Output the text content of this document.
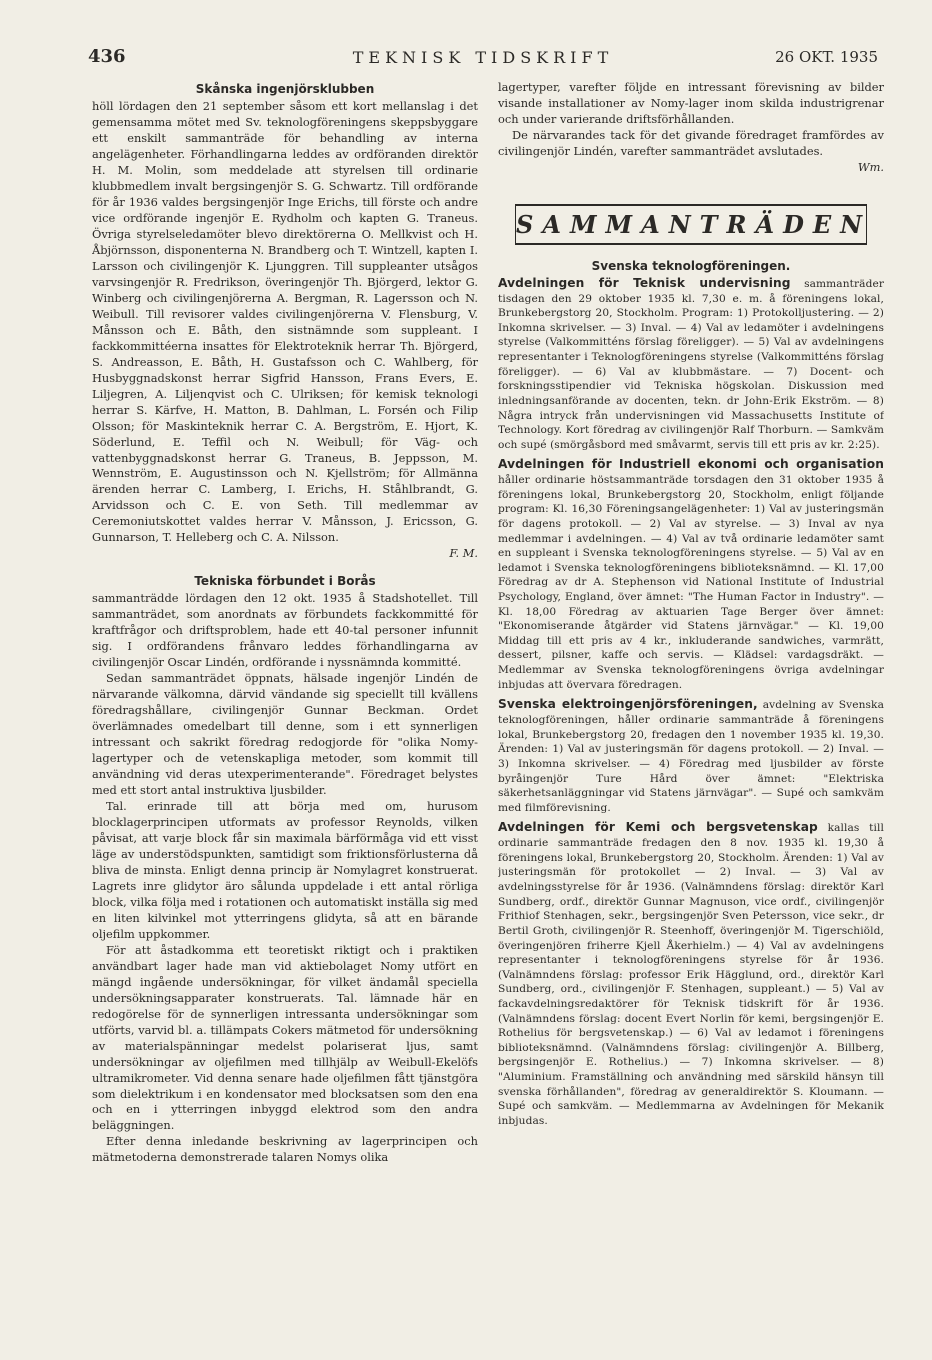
436	TEKNISK TIDSKRIFT	26 OKT. 1935
Skånska ingenjörsklubben

höll lördagen den 21 september såsom ett kort mellanslag i det gemensamma mötet med Sv. teknologföreningens skeppsbyggare ett enskilt sammanträde för behandling av interna angelägenheter. Förhandlingarna leddes av ordföranden direktör H. M. Molin, som meddelade att styrelsen till ordinarie klubbmedlem invalt bergsingenjör S. G. Schwartz. Till ordförande för år 1936 valdes bergsingenjör Inge Erichs, till förste och andre vice ordförande ingenjör E. Rydholm och kapten G. Traneus. Övriga styrelseledamöter blevo direktörerna O. Mellkvist och H. Åbjörnsson, disponenterna N. Brandberg och T. Wintzell, kapten I. Larsson och civilingenjör K. Ljunggren. Till suppleanter utsågos varvsingenjör R. Fredrikson, överingenjör Th. Björgerd, lektor G. Winberg och civilingenjörerna A. Bergman, R. Lagersson och N. Weibull. Till revisorer valdes civilingenjörerna V. Flensburg, V. Månsson och E. Båth, den sistnämnde som suppleant. I fackkommittéerna insattes för Elektroteknik herrar Th. Björgerd, S. Andreasson, E. Båth, H. Gustafsson och C. Wahlberg, för Husbyggnadskonst herrar Sigfrid Hansson, Frans Evers, E. Liljegren, A. Liljenqvist och C. Ulriksen; för kemisk teknologi herrar S. Kärfve, H. Matton, B. Dahlman, L. Forsén och Filip Olsson; för Maskinteknik herrar C. A. Bergström, E. Hjort, K. Söderlund, E. Teffil och N. Weibull; för Väg- och vattenbyggnadskonst herrar G. Traneus, B. Jeppsson, M. Wennström, E. Augustinsson och N. Kjellström; för Allmänna ärenden herrar C. Lamberg, I. Erichs, H. Ståhlbrandt, G. Arvidsson och C. E. von Seth. Till medlemmar av Ceremoniutskottet valdes herrar V. Månsson, J. Ericsson, G. Gunnarson, T. Helleberg och C. A. Nilsson.

F. M.

Tekniska förbundet i Borås

sammanträdde lördagen den 12 okt. 1935 å Stadshotellet. Till sammanträdet, som anordnats av förbundets fackkommitté för kraftfrågor och driftsproblem, hade ett 40-tal personer infunnit sig. I ordförandens frånvaro leddes förhandlingarna av civilingenjör Oscar Lindén, ordförande i nyssnämnda kommitté.

Sedan sammanträdet öppnats, hälsade ingenjör Lindén de närvarande välkomna, därvid vändande sig speciellt till kvällens föredragshållare, civilingenjör Gunnar Beckman. Ordet överlämnades omedelbart till denne, som i ett synnerligen intressant och sakrikt föredrag redogjorde för "olika Nomy-lagertyper och de vetenskapliga metoder, som kommit till användning vid deras utexperimenterande". Föredraget belystes med ett stort antal instruktiva ljusbilder.

Tal. erinrade till att börja med om, hurusom blocklagerprincipen utformats av professor Reynolds, vilken påvisat, att varje block får sin maximala bärförmåga vid ett visst läge av understödspunkten, samtidigt som friktionsförlusterna då bliva de minsta. Enligt denna princip är Nomylagret konstruerat. Lagrets inre glidytor äro sålunda uppdelade i ett antal rörliga block, vilka följa med i rotationen och automatiskt inställa sig med en liten kilvinkel mot ytterringens glidyta, så att en bärande oljefilm uppkommer.

För att åstadkomma ett teoretiskt riktigt och i praktiken användbart lager hade man vid aktiebolaget Nomy utfört en mängd ingående undersökningar, för vilket ändamål speciella undersökningsapparater konstruerats. Tal. lämnade här en redogörelse för de synnerligen intressanta undersökningar som utförts, varvid bl. a. tillämpats Cokers mätmetod för undersökning av materialspänningar medelst polariserat ljus, samt undersökningar av oljefilmen med tillhjälp av Weibull-Ekelöfs ultramikrometer. Vid denna senare hade oljefilmen fått tjänstgöra som dielektrikum i en kondensator med blocksatsen som den ena och en i ytterringen inbyggd elektrod som den andra beläggningen.

Efter denna inledande beskrivning av lagerprincipen och mätmetoderna demonstrerade talaren Nomys olika

lagertyper, varefter följde en intressant förevisning av bilder visande installationer av Nomy-lager inom skilda industrigrenar och under varierande driftsförhållanden.

De närvarandes tack för det givande föredraget framfördes av civilingenjör Lindén, varefter sammanträdet avslutades.

Wm.

SAMMANTRÄDEN
Svenska teknologföreningen.

Avdelningen för Teknisk undervisning sammanträder tisdagen den 29 oktober 1935 kl. 7,30 e. m. å föreningens lokal, Brunkebergstorg 20, Stockholm. Program: 1) Protokolljustering. — 2) Inkomna skrivelser. — 3) Inval. — 4) Val av ledamöter i avdelningens styrelse (Valkommitténs förslag föreligger). — 5) Val av avdelningens representanter i Teknologföreningens styrelse (Valkommitténs förslag föreligger). — 6) Val av klubbmästare. — 7) Docent- och forskningsstipendier vid Tekniska högskolan. Diskussion med inledningsanförande av docenten, tekn. dr John-Erik Ekström. — 8) Några intryck från undervisningen vid Massachusetts Institute of Technology. Kort föredrag av civilingenjör Ralf Thorburn. — Samkväm och supé (smörgåsbord med småvarmt, servis till ett pris av kr. 2:25).

Avdelningen för Industriell ekonomi och organisation håller ordinarie höstsammanträde torsdagen den 31 oktober 1935 å föreningens lokal, Brunkebergstorg 20, Stockholm, enligt följande program: Kl. 16,30 Föreningsangelägenheter: 1) Val av justeringsmän för dagens protokoll. — 2) Val av styrelse. — 3) Inval av nya medlemmar i avdelningen. — 4) Val av två ordinarie ledamöter samt en suppleant i Svenska teknologföreningens styrelse. — 5) Val av en ledamot i Svenska teknologföreningens biblioteksnämnd. — Kl. 17,00 Föredrag av dr A. Stephenson vid National Institute of Industrial Psychology, England, över ämnet: "The Human Factor in Industry". — Kl. 18,00 Föredrag av aktuarien Tage Berger över ämnet: "Ekonomiserande åtgärder vid Statens järnvägar." — Kl. 19,00 Middag till ett pris av 4 kr., inkluderande sandwiches, varmrätt, dessert, pilsner, kaffe och servis. — Klädsel: vardagsdräkt. — Medlemmar av Svenska teknologföreningens övriga avdelningar inbjudas att övervara föredragen.

Svenska elektroingenjörsföreningen, avdelning av Svenska teknologföreningen, håller ordinarie sammanträde å föreningens lokal, Brunkebergstorg 20, fredagen den 1 november 1935 kl. 19,30. Ärenden: 1) Val av justeringsmän för dagens protokoll. — 2) Inval. — 3) Inkomna skrivelser. — 4) Föredrag med ljusbilder av förste byråingenjör Ture Hård över ämnet: "Elektriska säkerhetsanläggningar vid Statens järnvägar". — Supé och samkväm med filmförevisning.

Avdelningen för Kemi och bergsvetenskap kallas till ordinarie sammanträde fredagen den 8 nov. 1935 kl. 19,30 å föreningens lokal, Brunkebergstorg 20, Stockholm. Ärenden: 1) Val av justeringsmän för protokollet — 2) Inval. — 3) Val av avdelningsstyrelse för år 1936. (Valnämndens förslag: direktör Karl Sundberg, ordf., direktör Gunnar Magnuson, vice ordf., civilingenjör Frithiof Stenhagen, sekr., bergsingenjör Sven Petersson, vice sekr., dr Bertil Groth, civilingenjör R. Steenhoff, överingenjör M. Tigerschiöld, överingenjören friherre Kjell Åkerhielm.) — 4) Val av avdelningens representanter i teknologföreningens styrelse för år 1936. (Valnämndens förslag: professor Erik Hägglund, ord., direktör Karl Sundberg, ord., civilingenjör F. Stenhagen, suppleant.) — 5) Val av fackavdelningsredaktörer för Teknisk tidskrift för år 1936. (Valnämndens förslag: docent Evert Norlin för kemi, bergsingenjör E. Rothelius för bergsvetenskap.) — 6) Val av ledamot i föreningens biblioteksnämnd. (Valnämndens förslag: civilingenjör A. Billberg, bergsingenjör E. Rothelius.) — 7) Inkomna skrivelser. — 8) "Aluminium. Framställning och användning med särskild hänsyn till svenska förhållanden", föredrag av generaldirektör S. Kloumann. — Supé och samkväm. — Medlemmarna av Avdelningen för Mekanik inbjudas.
